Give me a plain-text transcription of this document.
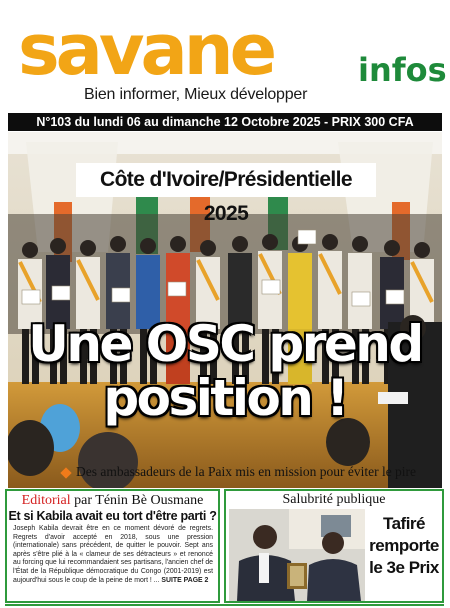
savane	infos
Bien informer, Mieux développer
N°103 du lundi 06 au dimanche 12 Octobre 2025 - PRIX 300 CFA
Côte d'Ivoire/Présidentielle 2025
Une OSC prend
position !
Des ambassadeurs de la Paix mis en mission pour éviter le pire
Editorial par Ténin Bè Ousmane
Et si Kabila avait eu tort d'être parti ?
Joseph Kabila devrait être en ce moment dévoré de regrets. Regrets d'avoir accepté en 2018, sous une pression (internationale) sans précédent, de quitter le pouvoir. Sept ans après s'être plié à la « clameur de ses détracteurs » et renoncé au forcing que lui recommandaient ses partisans, l'ancien chef de l'État de la République démocratique du Congo (2001-2019) est aujourd'hui sous le coup de la peine de mort ! ... SUITE PAGE 2
Salubrité publique
Tafiré remporte le 3e Prix
